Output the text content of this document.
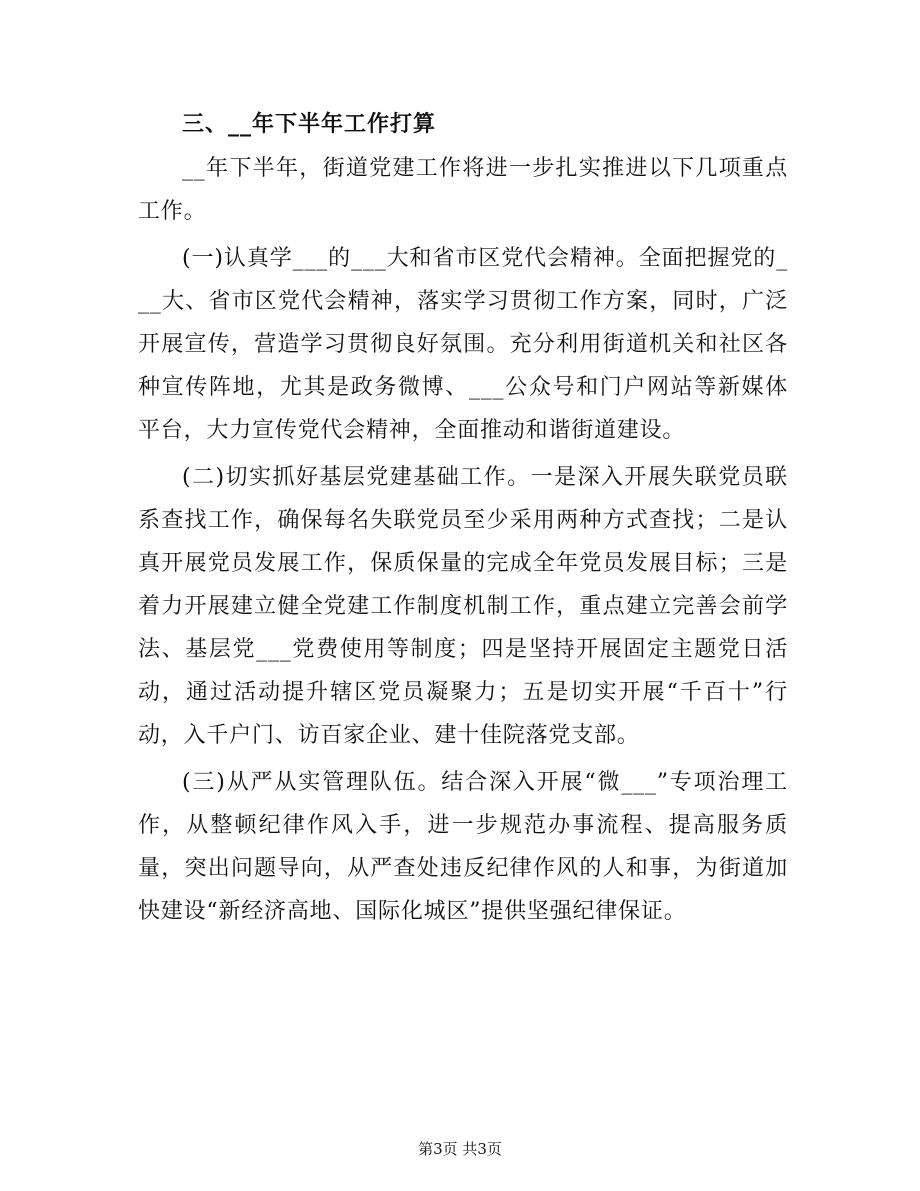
三、__年下半年工作打算

__年下半年，街道党建工作将进一步扎实推进以下几项重点工作。

(一)认真学___的___大和省市区党代会精神。全面把握党的___大、省市区党代会精神，落实学习贯彻工作方案，同时，广泛开展宣传，营造学习贯彻良好氛围。充分利用街道机关和社区各种宣传阵地，尤其是政务微博、___公众号和门户网站等新媒体平台，大力宣传党代会精神，全面推动和谐街道建设。

(二)切实抓好基层党建基础工作。一是深入开展失联党员联系查找工作，确保每名失联党员至少采用两种方式查找；二是认真开展党员发展工作，保质保量的完成全年党员发展目标；三是着力开展建立健全党建工作制度机制工作，重点建立完善会前学法、基层党___党费使用等制度；四是坚持开展固定主题党日活动，通过活动提升辖区党员凝聚力；五是切实开展“千百十”行动，入千户门、访百家企业、建十佳院落党支部。

(三)从严从实管理队伍。结合深入开展“微___”专项治理工作，从整顿纪律作风入手，进一步规范办事流程、提高服务质量，突出问题导向，从严查处违反纪律作风的人和事，为街道加快建设“新经济高地、国际化城区”提供坚强纪律保证。

第3页 共3页
